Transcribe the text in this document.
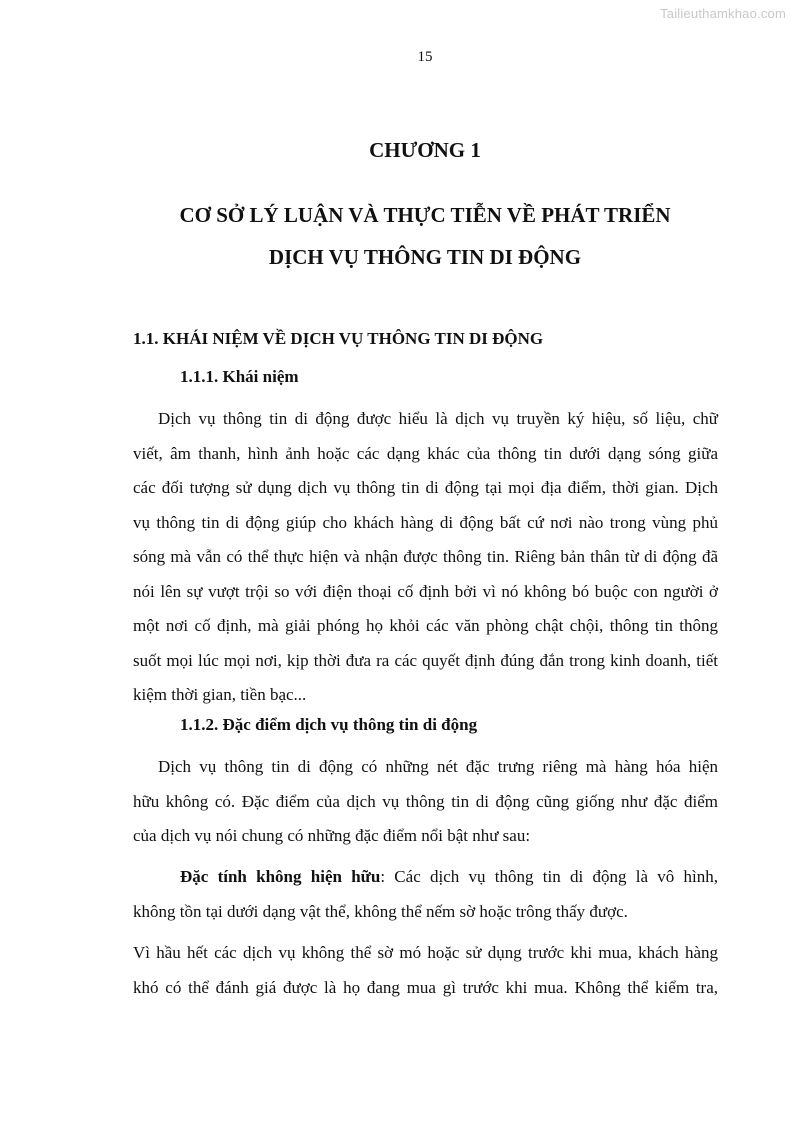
Tailieuthamkhao.com
15
CHƯƠNG 1
CƠ SỞ LÝ LUẬN VÀ THỰC TIỄN VỀ PHÁT TRIỂN
DỊCH VỤ THÔNG TIN DI ĐỘNG
1.1. KHÁI NIỆM VỀ DỊCH VỤ THÔNG TIN DI ĐỘNG
1.1.1. Khái niệm
Dịch vụ thông tin di động được hiểu là dịch vụ truyền ký hiệu, số liệu, chữ
viết, âm thanh, hình ảnh hoặc các dạng khác của thông tin dưới dạng sóng giữa
các đối tượng sử dụng dịch vụ thông tin di động tại mọi địa điểm, thời gian. Dịch
vụ thông tin di động giúp cho khách hàng di động bất cứ nơi nào trong vùng phủ
sóng mà vẫn có thể thực hiện và nhận được thông tin. Riêng bản thân từ di động đã
nói lên sự vượt trội so với điện thoại cố định bởi vì nó không bó buộc con người ở
một nơi cố định, mà giải phóng họ khỏi các văn phòng chật chội, thông tin thông
suốt mọi lúc mọi nơi, kịp thời đưa ra các quyết định đúng đắn trong kinh doanh, tiết
kiệm thời gian, tiền bạc...
1.1.2. Đặc điểm dịch vụ thông tin di động
Dịch vụ thông tin di động có những nét đặc trưng riêng mà hàng hóa hiện
hữu không có. Đặc điểm của dịch vụ thông tin di động cũng giống như đặc điểm
của dịch vụ nói chung có những đặc điểm nổi bật như sau:
Đặc tính không hiện hữu: Các dịch vụ thông tin di động là vô hình,
không tồn tại dưới dạng vật thể, không thể nếm sờ hoặc trông thấy được.
Vì hầu hết các dịch vụ không thể sờ mó hoặc sử dụng trước khi mua, khách hàng
khó có thể đánh giá được là họ đang mua gì trước khi mua. Không thể kiểm tra,
